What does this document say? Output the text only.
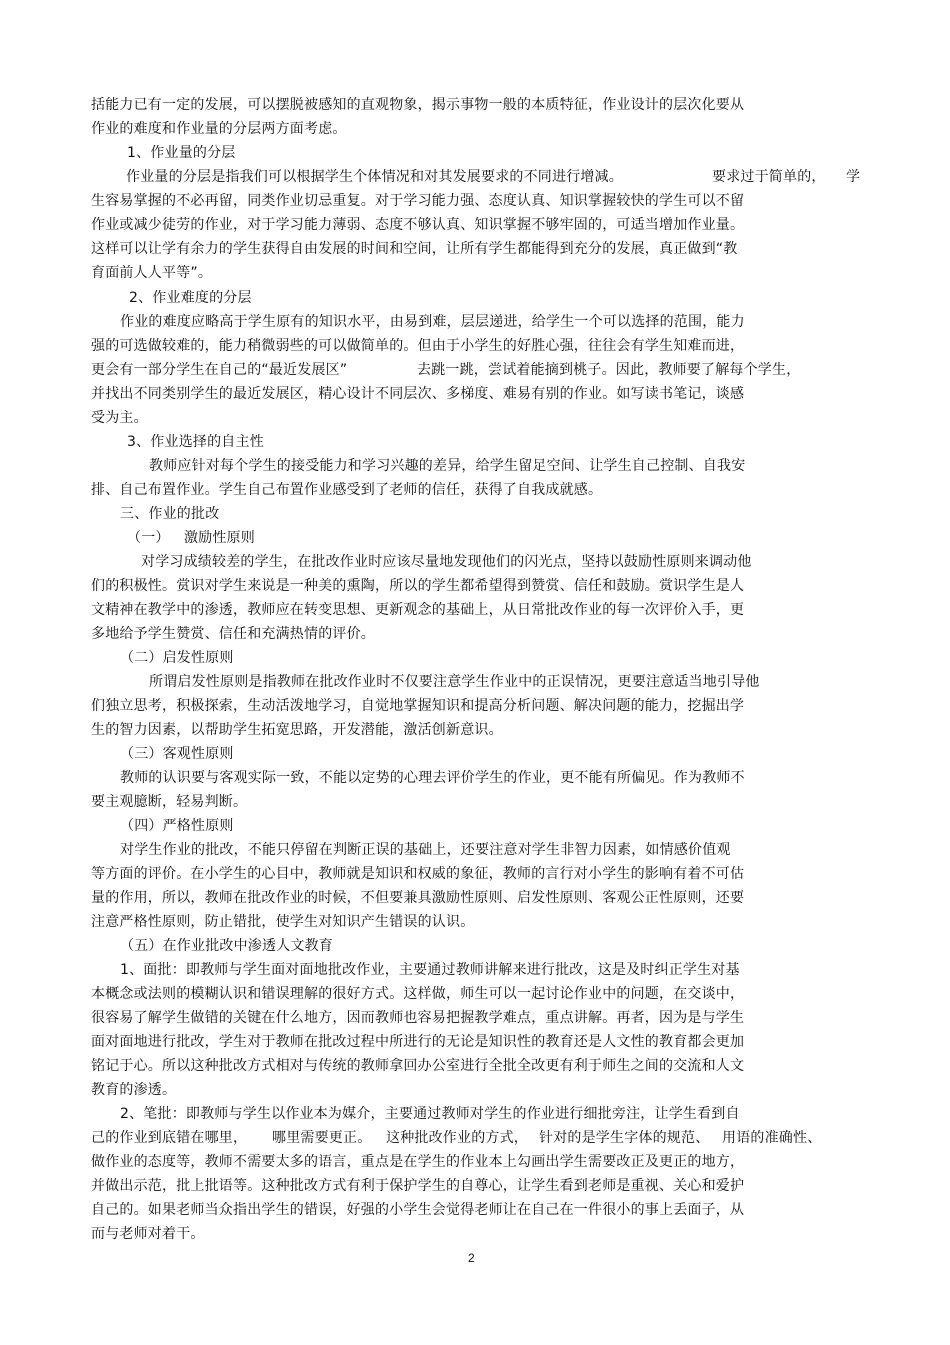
括能力已有一定的发展，可以摆脱被感知的直观物象，揭示事物一般的本质特征，作业设计的层次化要从
作业的难度和作业量的分层两方面考虑。
1、作业量的分层
作业量的分层是指我们可以根据学生个体情况和对其发展要求的不同进行增减。	要求过于简单的， 学
生容易掌握的不必再留，同类作业切忌重复。对于学习能力强、态度认真、知识掌握较快的学生可以不留
作业或减少徒劳的作业，对于学习能力薄弱、态度不够认真、知识掌握不够牢固的，可适当增加作业量。
这样可以让学有余力的学生获得自由发展的时间和空间，让所有学生都能得到充分的发展，真正做到“教
育面前人人平等”。
2、作业难度的分层
作业的难度应略高于学生原有的知识水平，由易到难，层层递进，给学生一个可以选择的范围，能力
强的可选做较难的，能力稍微弱些的可以做简单的。但由于小学生的好胜心强，往往会有学生知难而进，
更会有一部分学生在自己的“最近发展区”	去跳一跳，尝试着能摘到桃子。因此，教师要了解每个学生，
并找出不同类别学生的最近发展区，精心设计不同层次、多梯度、难易有别的作业。如写读书笔记，谈感
受为主。
3、作业选择的自主性
教师应针对每个学生的接受能力和学习兴趣的差异，给学生留足空间、让学生自己控制、自我安
排、自己布置作业。学生自己布置作业感受到了老师的信任，获得了自我成就感。
三、作业的批改
（一） 激励性原则
对学习成绩较差的学生，在批改作业时应该尽量地发现他们的闪光点，坚持以鼓励性原则来调动他
们的积极性。赏识对学生来说是一种美的熏陶，所以的学生都希望得到赞赏、信任和鼓励。赏识学生是人
文精神在教学中的渗透，教师应在转变思想、更新观念的基础上，从日常批改作业的每一次评价入手，更
多地给予学生赞赏、信任和充满热情的评价。
（二）启发性原则
所谓启发性原则是指教师在批改作业时不仅要注意学生作业中的正误情况，更要注意适当地引导他
们独立思考，积极探索，生动活泼地学习，自觉地掌握知识和提高分析问题、解决问题的能力，挖掘出学
生的智力因素，以帮助学生拓宽思路，开发潜能，激活创新意识。
（三）客观性原则
教师的认识要与客观实际一致，不能以定势的心理去评价学生的作业，更不能有所偏见。作为教师不
要主观臆断，轻易判断。
（四）严格性原则
对学生作业的批改，不能只停留在判断正误的基础上，还要注意对学生非智力因素，如情感价值观
等方面的评价。在小学生的心目中，教师就是知识和权威的象征，教师的言行对小学生的影响有着不可估
量的作用，所以，教师在批改作业的时候，不但要兼具激励性原则、启发性原则、客观公正性原则，还要
注意严格性原则，防止错批，使学生对知识产生错误的认识。
（五）在作业批改中渗透人文教育
1、面批：即教师与学生面对面地批改作业，主要通过教师讲解来进行批改，这是及时纠正学生对基
本概念或法则的模糊认识和错误理解的很好方式。这样做，师生可以一起讨论作业中的问题，在交谈中，
很容易了解学生做错的关键在什么地方，因而教师也容易把握教学难点，重点讲解。再者，因为是与学生
面对面地进行批改，学生对于教师在批改过程中所进行的无论是知识性的教育还是人文性的教育都会更加
铭记于心。所以这种批改方式相对与传统的教师拿回办公室进行全批全改更有利于师生之间的交流和人文
教育的渗透。
2、笔批：即教师与学生以作业本为媒介，主要通过教师对学生的作业进行细批旁注，让学生看到自
己的作业到底错在哪里， 哪里需要更正。 这种批改作业的方式， 针对的是学生字体的规范、 用语的准确性、
做作业的态度等，教师不需要太多的语言，重点是在学生的作业本上勾画出学生需要改正及更正的地方，
并做出示范，批上批语等。这种批改方式有利于保护学生的自尊心，让学生看到老师是重视、关心和爱护
自己的。如果老师当众指出学生的错误，好强的小学生会觉得老师让在自己在一件很小的事上丢面子，从
而与老师对着干。
2
